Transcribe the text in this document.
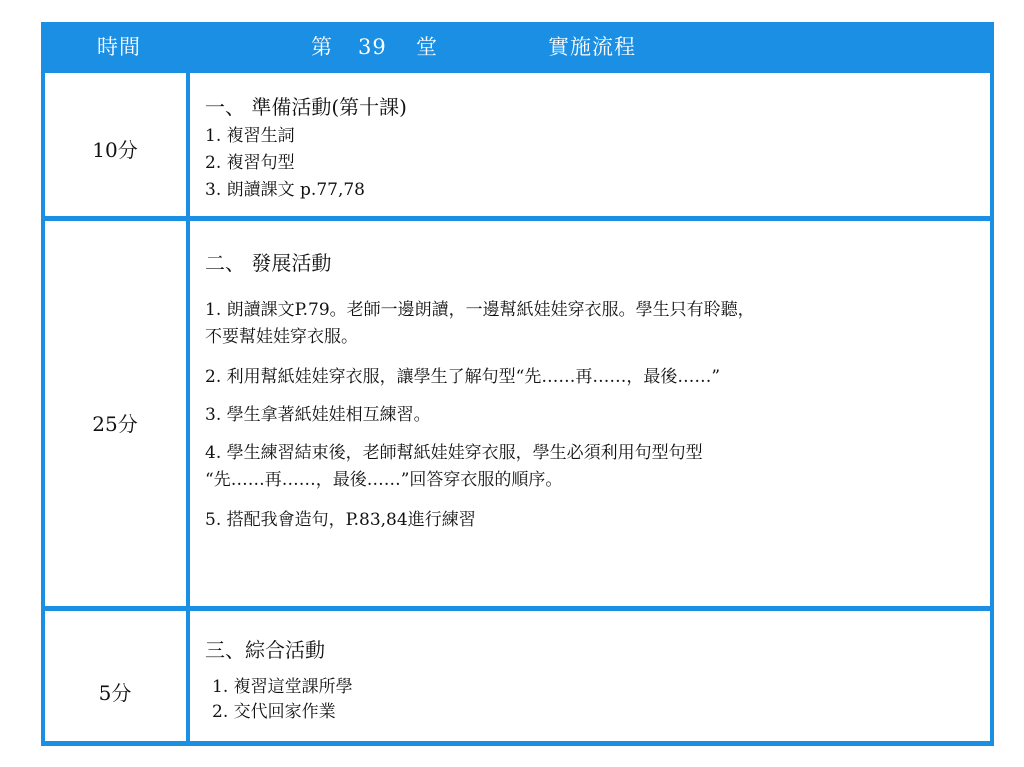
時間	第 39 堂	實施流程
10分
一、 準備活動(第十課)
1. 複習生詞
2. 複習句型
3. 朗讀課文 p.77,78
25分
二、 發展活動
1. 朗讀課文P.79。老師一邊朗讀，一邊幫紙娃娃穿衣服。學生只有聆聽，
不要幫娃娃穿衣服。
2. 利用幫紙娃娃穿衣服，讓學生了解句型“先……再……，最後……”
3. 學生拿著紙娃娃相互練習。
4. 學生練習結束後，老師幫紙娃娃穿衣服，學生必須利用句型句型
“先……再……，最後……”回答穿衣服的順序。
5. 搭配我會造句，P.83,84進行練習
5分
三、綜合活動
1. 複習這堂課所學
2. 交代回家作業
